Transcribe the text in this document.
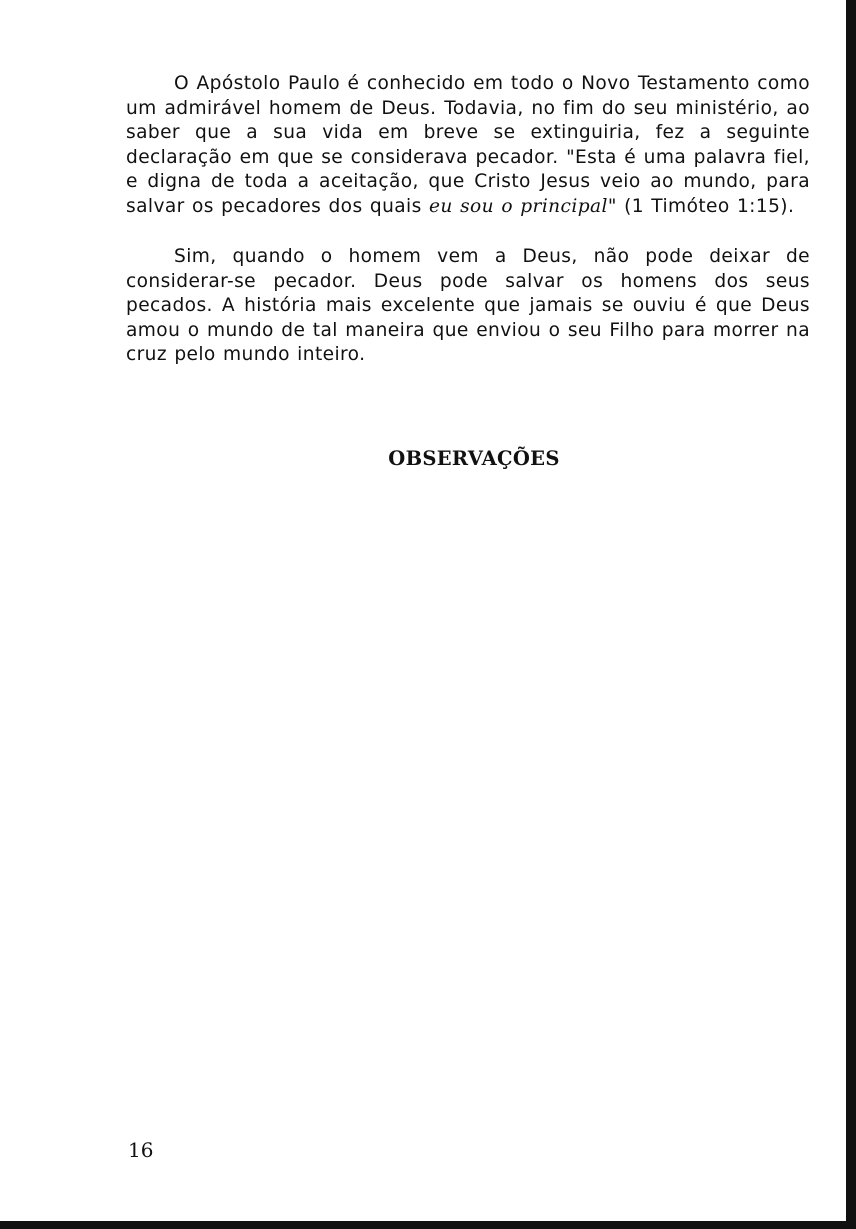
O Apóstolo Paulo é conhecido em todo o Novo Testamento como um admirável homem de Deus. Todavia, no fim do seu ministério, ao saber que a sua vida em breve se extinguiria, fez a seguinte declaração em que se considerava pecador. "Esta é uma palavra fiel, e digna de toda a aceitação, que Cristo Jesus veio ao mundo, para salvar os pecadores dos quais eu sou o principal" (1 Timóteo 1:15).

Sim, quando o homem vem a Deus, não pode deixar de considerar-se pecador. Deus pode salvar os homens dos seus pecados. A história mais excelente que jamais se ouviu é que Deus amou o mundo de tal maneira que enviou o seu Filho para morrer na cruz pelo mundo inteiro.

OBSERVAÇÕES

16
